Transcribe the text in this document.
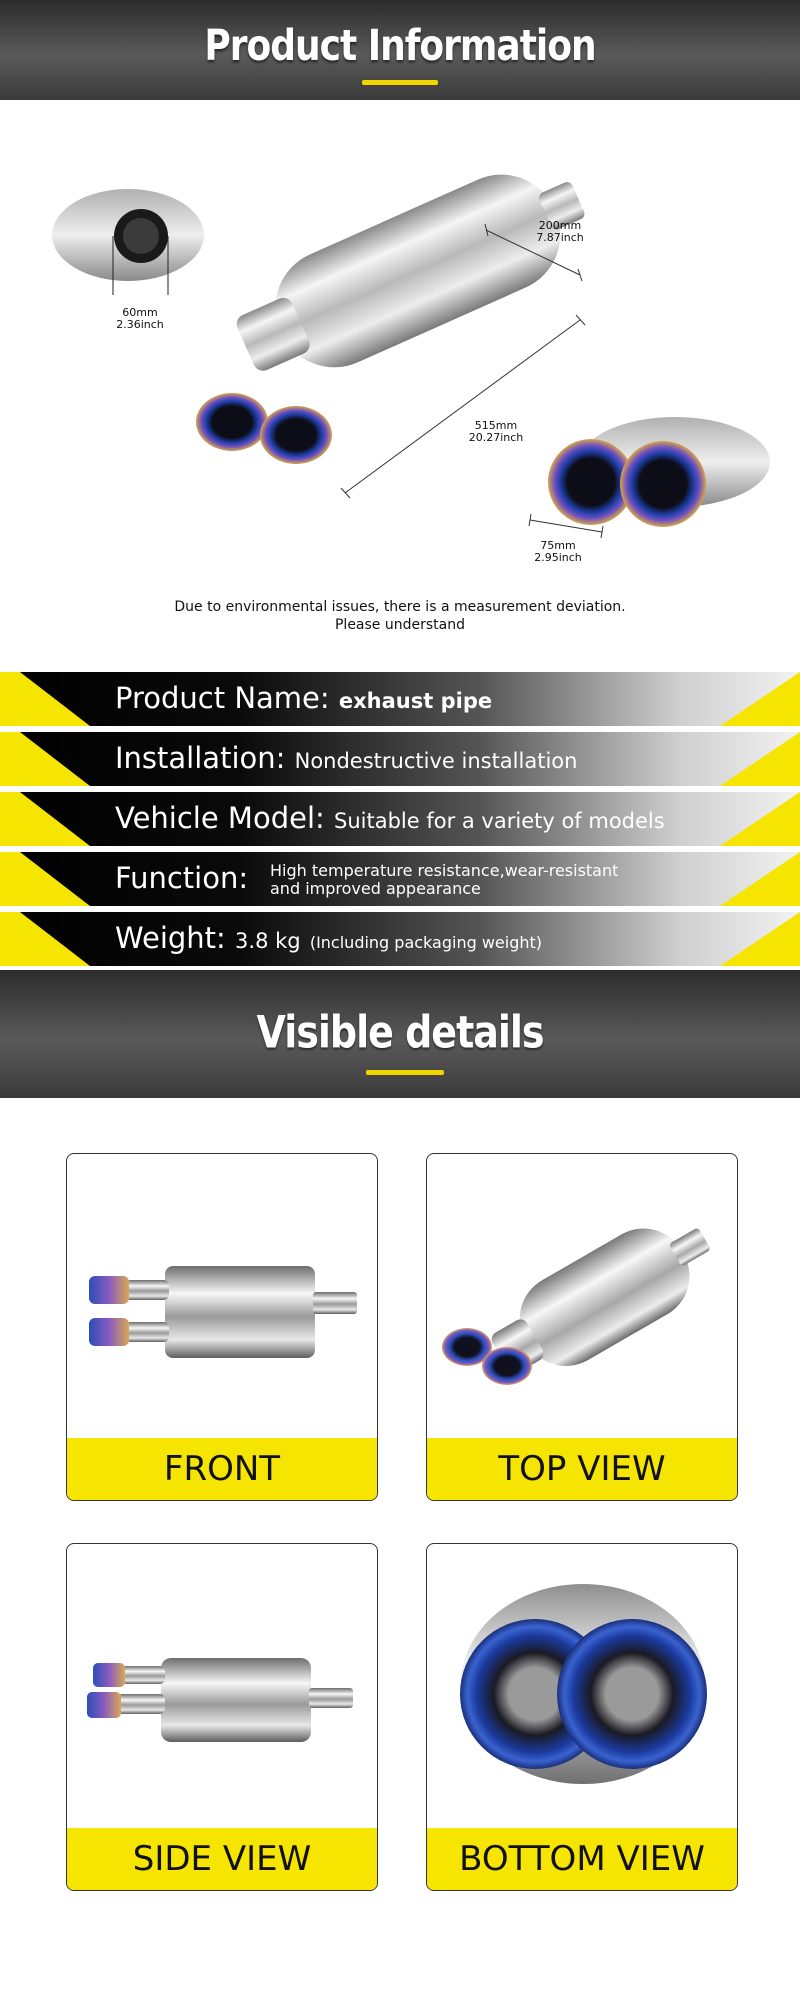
Product Information
60mm
2.36inch
200mm
7.87inch
515mm
20.27inch
75mm
2.95inch
Due to environmental issues, there is a measurement deviation.
Please understand
Product Name: exhaust pipe
Installation: Nondestructive installation
Vehicle Model: Suitable for a variety of models
Function: High temperature resistance,wear-resistant
and improved appearance
Weight: 3.8 kg (Including packaging weight)
Visible details
FRONT	TOP VIEW
SIDE VIEW	BOTTOM VIEW
